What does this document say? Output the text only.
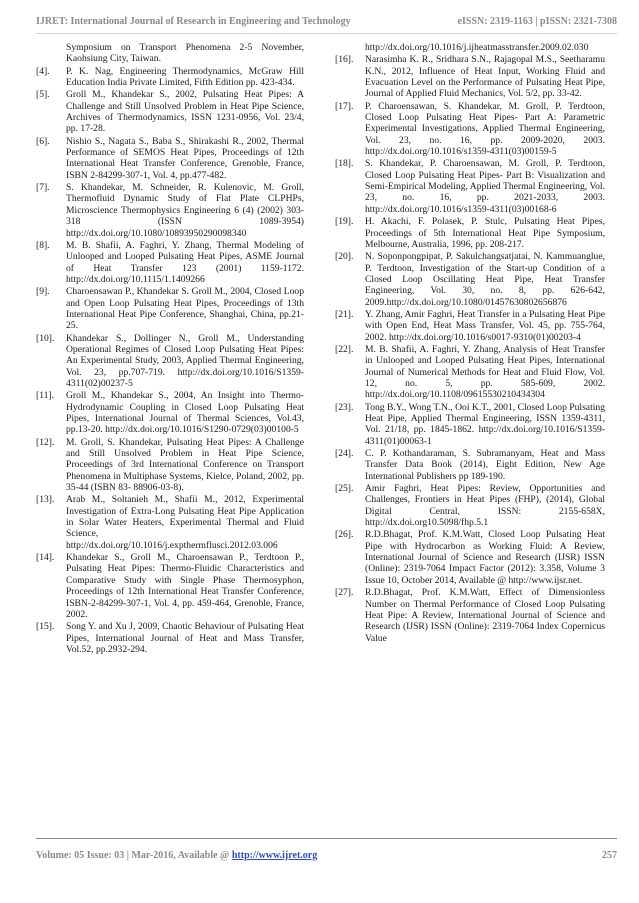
IJRET: International Journal of Research in Engineering and Technology	eISSN: 2319-1163 | pISSN: 2321-7308
Symposium on Transport Phenomena 2-5 November, Kaohsiung City, Taiwan.
[4]. P. K. Nag, Engineering Thermodynamics, McGraw Hill Education India Private Limited, Fifth Edition pp. 423-434.
[5]. Groll M., Khandekar S., 2002, Pulsating Heat Pipes: A Challenge and Still Unsolved Problem in Heat Pipe Science, Archives of Thermodynamics, ISSN 1231-0956, Vol. 23/4, pp. 17-28.
[6]. Nishio S., Nagata S., Baba S., Shirakashi R., 2002, Thermal Performance of SEMOS Heat Pipes, Proceedings of 12th International Heat Transfer Conference, Grenoble, France, ISBN 2-84299-307-1, Vol. 4, pp.477-482.
[7]. S. Khandekar, M. Schneider, R. Kulenovic, M. Groll, Thermofluid Dynamic Study of Flat Plate CLPHPs, Microscience Thermophysics Engineering 6 (4) (2002) 303-318 (ISSN 1089-3954) http://dx.doi.org/10.1080/10893950290098340
[8]. M. B. Shafii, A. Faghri, Y. Zhang, Thermal Modeling of Unlooped and Looped Pulsating Heat Pipes, ASME Journal of Heat Transfer 123 (2001) 1159-1172. http://dx.doi.org/10.1115/1.1409266
[9]. Charoensawan P., Khandekar S. Groll M., 2004, Closed Loop and Open Loop Pulsating Heat Pipes, Proceedings of 13th International Heat Pipe Conference, Shanghai, China, pp.21-25.
[10]. Khandekar S., Dollinger N., Groll M., Understanding Operational Regimes of Closed Loop Pulsating Heat Pipes: An Experimental Study, 2003, Applied Thermal Engineering, Vol. 23, pp.707-719. http://dx.doi.org/10.1016/S1359-4311(02)00237-5
[11]. Groll M., Khandekar S., 2004, An Insight into Thermo-Hydrodynamic Coupling in Closed Loop Pulsating Heat Pipes, International Journal of Thermal Sciences, Vol.43, pp.13-20. http://dx.doi.org/10.1016/S1290-0729(03)00100-5
[12]. M. Groll, S. Khandekar, Pulsating Heat Pipes: A Challenge and Still Unsolved Problem in Heat Pipe Science, Proceedings of 3rd International Conference on Transport Phenomena in Multiphase Systems, Kielce, Poland, 2002, pp. 35-44 (ISBN 83- 88906-03-8).
[13]. Arab M., Soltanieh M., Shafii M., 2012, Experimental Investigation of Extra-Long Pulsating Heat Pipe Application in Solar Water Heaters, Experimental Thermal and Fluid Science, http://dx.doi.org/10.1016/j.expthermflusci.2012.03.006
[14]. Khandekar S., Groll M., Charoensawan P., Terdtoon P., Pulsating Heat Pipes: Thermo-Fluidic Characteristics and Comparative Study with Single Phase Thermosyphon, Proceedings of 12th International Heat Transfer Conference, ISBN-2-84299-307-1, Vol. 4, pp. 459-464, Grenoble, France, 2002.
[15]. Song Y. and Xu J, 2009, Chaotic Behaviour of Pulsating Heat Pipes, International Journal of Heat and Mass Transfer, Vol.52, pp.2932-294.
http://dx.doi.org/10.1016/j.ijheatmasstransfer.2009.02.030
[16]. Narasimha K. R., Sridhara S.N., Rajagopal M.S., Seetharamu K.N., 2012, Influence of Heat Input, Working Fluid and Evacuation Level on the Performance of Pulsating Heat Pipe, Journal of Applied Fluid Mechanics, Vol. 5/2, pp. 33-42.
[17]. P. Charoensawan, S. Khandekar, M. Groll, P. Terdtoon, Closed Loop Pulsating Heat Pipes- Part A: Parametric Experimental Investigations, Applied Thermal Engineering, Vol. 23, no. 16, pp. 2009-2020, 2003. http://dx.doi.org/10.1016/s1359-4311(03)00159-5
[18]. S. Khandekar, P. Charoensawan, M. Groll, P. Terdtoon, Closed Loop Pulsating Heat Pipes- Part B: Visualization and Semi-Empirical Modeling, Applied Thermal Engineering, Vol. 23, no. 16, pp. 2021-2033, 2003. http://dx.doi.org/10.1016/s1359-4311(03)00168-6
[19]. H. Akachi, F. Polasek, P. Stulc, Pulsating Heat Pipes, Proceedings of 5th International Heat Pipe Symposium, Melbourne, Australia, 1996, pp. 208-217.
[20]. N. Soponpongpipat, P. Sakulchangsatjatai, N. Kammuanglue, P. Terdtoon, Investigation of the Start-up Condition of a Closed Loop Oscillating Heat Pipe, Heat Transfer Engineering, Vol. 30, no. 8, pp. 626-642, 2009.http://dx.doi.org/10.1080/01457630802656876
[21]. Y. Zhang, Amir Faghri, Heat Transfer in a Pulsating Heat Pipe with Open End, Heat Mass Transfer, Vol. 45, pp. 755-764, 2002. http://dx.doi.org/10.1016/s0017-9310(01)00203-4
[22]. M. B. Shafii, A. Faghri, Y. Zhang, Analysis of Heat Transfer in Unlooped and Looped Pulsating Heat Pipes, International Journal of Numerical Methods for Heat and Fluid Flow, Vol. 12, no. 5, pp. 585-609, 2002. http://dx.doi.org/10.1108/09615530210434304
[23]. Tong B.Y., Wong T.N., Ooi K.T., 2001, Closed Loop Pulsating Heat Pipe, Applied Thermal Engineering, ISSN 1359-4311, Vol. 21/18, pp. 1845-1862. http://dx.doi.org/10.1016/S1359-4311(01)00063-1
[24]. C. P. Kothandaraman, S. Subramanyam, Heat and Mass Transfer Data Book (2014), Eight Edition, New Age International Publishers pp 189-190.
[25]. Amir Faghri, Heat Pipes: Review, Opportunities and Challenges, Frontiers in Heat Pipes (FHP), (2014), Global Digital Central, ISSN: 2155-658X, http://dx.doi.org10.5098/fhp.5.1
[26]. R.D.Bhagat, Prof. K.M.Watt, Closed Loop Pulsating Heat Pipe with Hydrocarbon as Working Fluid: A Review, International Journal of Science and Research (IJSR) ISSN (Online): 2319-7064 Impact Factor (2012): 3.358, Volume 3 Issue 10, October 2014, Available @ http://www.ijsr.net.
[27]. R.D.Bhagat, Prof. K.M.Watt, Effect of Dimensionless Number on Thermal Performance of Closed Loop Pulsating Heat Pipe: A Review, International Journal of Science and Research (IJSR) ISSN (Online): 2319-7064 Index Copernicus Value
Volume: 05 Issue: 03 | Mar-2016, Available @ http://www.ijret.org	257
